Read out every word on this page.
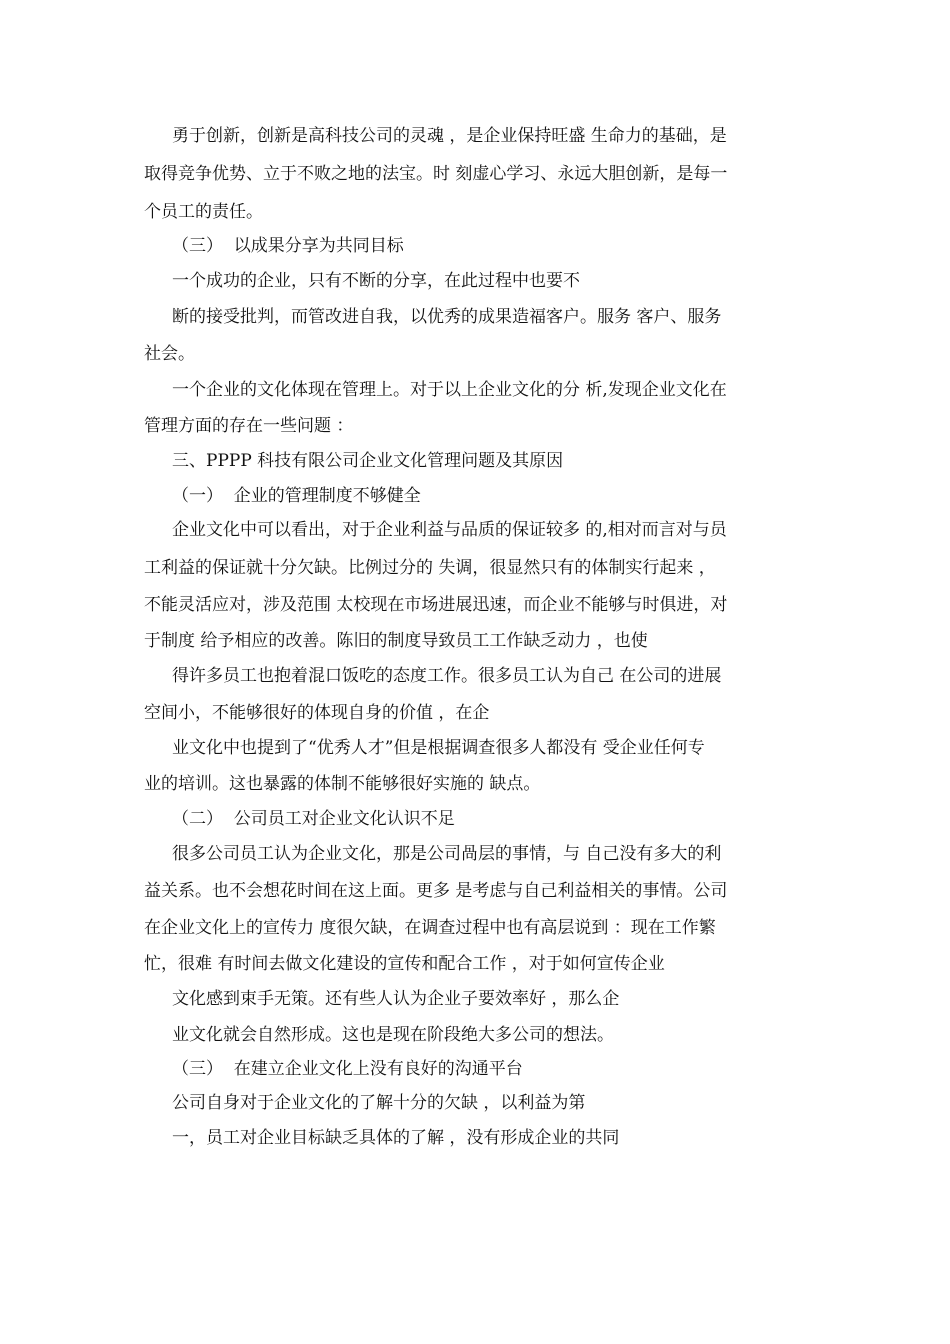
勇于创新，创新是高科技公司的灵魂 ，是企业保持旺盛 生命力的基础，是
取得竞争优势、立于不败之地的法宝。时 刻虚心学习、永远大胆创新，是每一
个员工的责任。
（三）  以成果分享为共同目标
一个成功的企业，只有不断的分享，在此过程中也要不
断的接受批判，而管改进自我，以优秀的成果造福客户。服务 客户、服务
社会。
一个企业的文化体现在管理上。对于以上企业文化的分 析,发现企业文化在
管理方面的存在一些问题 ：
三、PPPP 科技有限公司企业文化管理问题及其原因
（一）  企业的管理制度不够健全
企业文化中可以看出，对于企业利益与品质的保证较多 的,相对而言对与员
工利益的保证就十分欠缺。比例过分的 失调，很显然只有的体制实行起来 ，
不能灵活应对，涉及范围 太校现在市场进展迅速，而企业不能够与时俱进，对
于制度 给予相应的改善。陈旧的制度导致员工工作缺乏动力 ，也使
得许多员工也抱着混口饭吃的态度工作。很多员工认为自己 在公司的进展
空间小，不能够很好的体现自身的价值 ，在企
业文化中也提到了“优秀人才”但是根据调查很多人都没有 受企业任何专
业的培训。这也暴露的体制不能够很好实施的 缺点。
（二）  公司员工对企业文化认识不足
很多公司员工认为企业文化，那是公司咼层的事情，与 自己没有多大的利
益关系。也不会想花时间在这上面。更多 是考虑与自己利益相关的事情。公司
在企业文化上的宣传力 度很欠缺，在调查过程中也有高层说到 ：现在工作繁
忙，很难 有时间去做文化建设的宣传和配合工作 ，对于如何宣传企业
文化感到束手无策。还有些人认为企业子要效率好 ，那么企
业文化就会自然形成。这也是现在阶段绝大多公司的想法。
（三）  在建立企业文化上没有良好的沟通平台
公司自身对于企业文化的了解十分的欠缺 ，以利益为第
一，员工对企业目标缺乏具体的了解 ，没有形成企业的共同
